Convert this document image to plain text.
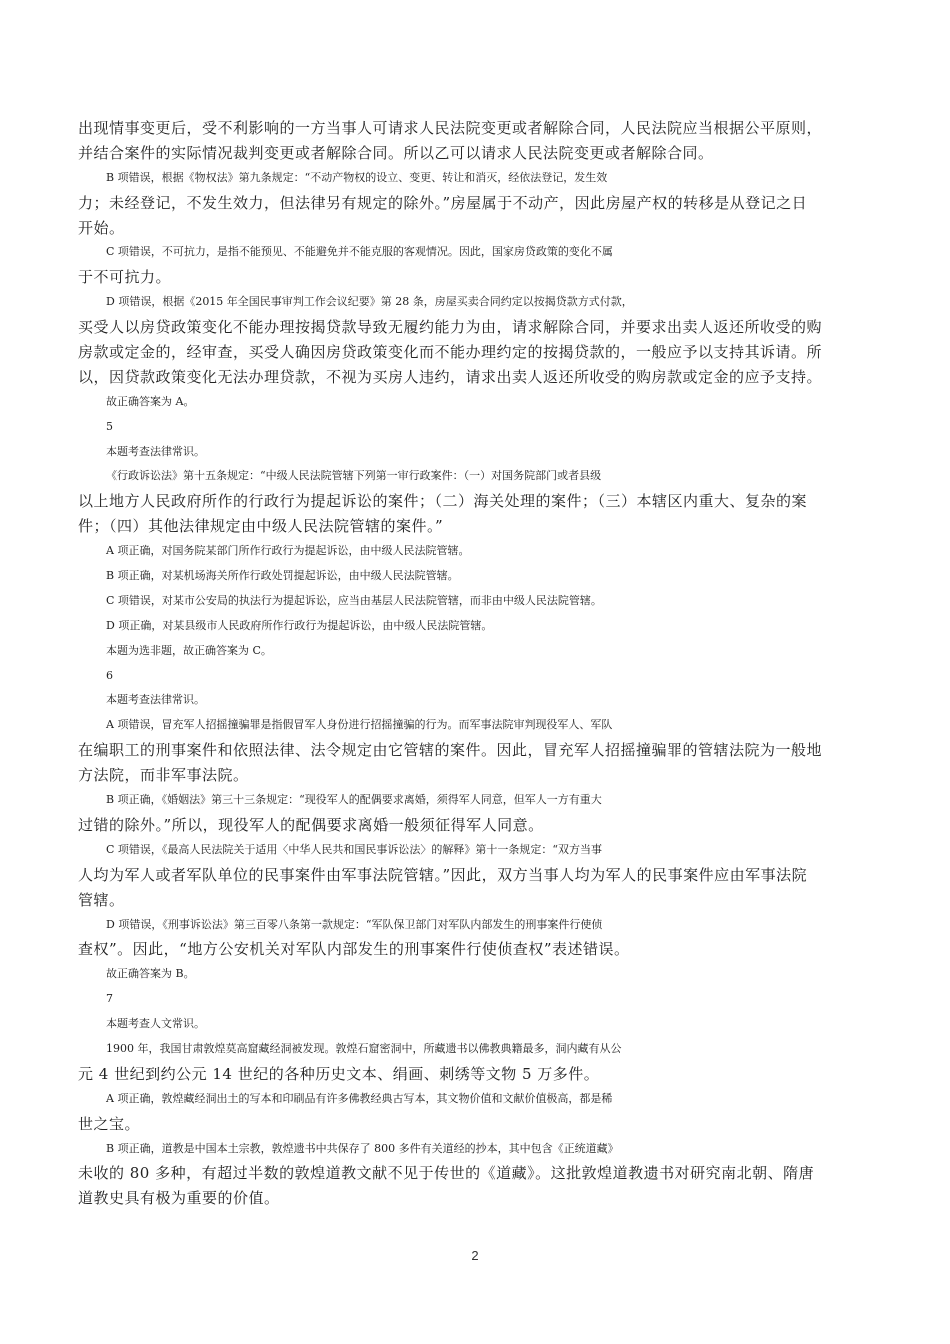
出现情事变更后，受不利影响的一方当事人可请求人民法院变更或者解除合同，人民法院应当根据公平原则，
并结合案件的实际情况裁判变更或者解除合同。所以乙可以请求人民法院变更或者解除合同。
B 项错误，根据《物权法》第九条规定：“不动产物权的设立、变更、转让和消灭，经依法登记，发生效
力；未经登记，不发生效力，但法律另有规定的除外。”房屋属于不动产，因此房屋产权的转移是从登记之日
开始。
C 项错误，不可抗力，是指不能预见、不能避免并不能克服的客观情况。因此，国家房贷政策的变化不属
于不可抗力。
D 项错误，根据《2015 年全国民事审判工作会议纪要》第 28 条，房屋买卖合同约定以按揭贷款方式付款，
买受人以房贷政策变化不能办理按揭贷款导致无履约能力为由，请求解除合同，并要求出卖人返还所收受的购
房款或定金的，经审查，买受人确因房贷政策变化而不能办理约定的按揭贷款的，一般应予以支持其诉请。所
以，因贷款政策变化无法办理贷款，不视为买房人违约，请求出卖人返还所收受的购房款或定金的应予支持。
故正确答案为 A。
5
本题考查法律常识。
《行政诉讼法》第十五条规定：“中级人民法院管辖下列第一审行政案件：（一）对国务院部门或者县级
以上地方人民政府所作的行政行为提起诉讼的案件；（二）海关处理的案件；（三）本辖区内重大、复杂的案
件；（四）其他法律规定由中级人民法院管辖的案件。”
A 项正确，对国务院某部门所作行政行为提起诉讼，由中级人民法院管辖。
B 项正确，对某机场海关所作行政处罚提起诉讼，由中级人民法院管辖。
C 项错误，对某市公安局的执法行为提起诉讼，应当由基层人民法院管辖，而非由中级人民法院管辖。
D 项正确，对某县级市人民政府所作行政行为提起诉讼，由中级人民法院管辖。
本题为选非题，故正确答案为 C。
6
本题考查法律常识。
A 项错误，冒充军人招摇撞骗罪是指假冒军人身份进行招摇撞骗的行为。而军事法院审判现役军人、军队
在编职工的刑事案件和依照法律、法令规定由它管辖的案件。因此，冒充军人招摇撞骗罪的管辖法院为一般地
方法院，而非军事法院。
B 项正确，《婚姻法》第三十三条规定：“现役军人的配偶要求离婚，须得军人同意，但军人一方有重大
过错的除外。”所以，现役军人的配偶要求离婚一般须征得军人同意。
C 项错误，《最高人民法院关于适用〈中华人民共和国民事诉讼法〉的解释》第十一条规定：“双方当事
人均为军人或者军队单位的民事案件由军事法院管辖。”因此，双方当事人均为军人的民事案件应由军事法院
管辖。
D 项错误，《刑事诉讼法》第三百零八条第一款规定：“军队保卫部门对军队内部发生的刑事案件行使侦
查权”。因此，“地方公安机关对军队内部发生的刑事案件行使侦查权”表述错误。
故正确答案为 B。
7
本题考查人文常识。
1900 年，我国甘肃敦煌莫高窟藏经洞被发现。敦煌石窟密洞中，所藏遗书以佛教典籍最多，洞内藏有从公
元 4 世纪到约公元 14 世纪的各种历史文本、绢画、刺绣等文物 5 万多件。
A 项正确，敦煌藏经洞出土的写本和印刷品有许多佛教经典古写本，其文物价值和文献价值极高，都是稀
世之宝。
B 项正确，道教是中国本土宗教，敦煌遗书中共保存了 800 多件有关道经的抄本，其中包含《正统道藏》
未收的 80 多种，有超过半数的敦煌道教文献不见于传世的《道藏》。这批敦煌道教遗书对研究南北朝、隋唐
道教史具有极为重要的价值。
2
